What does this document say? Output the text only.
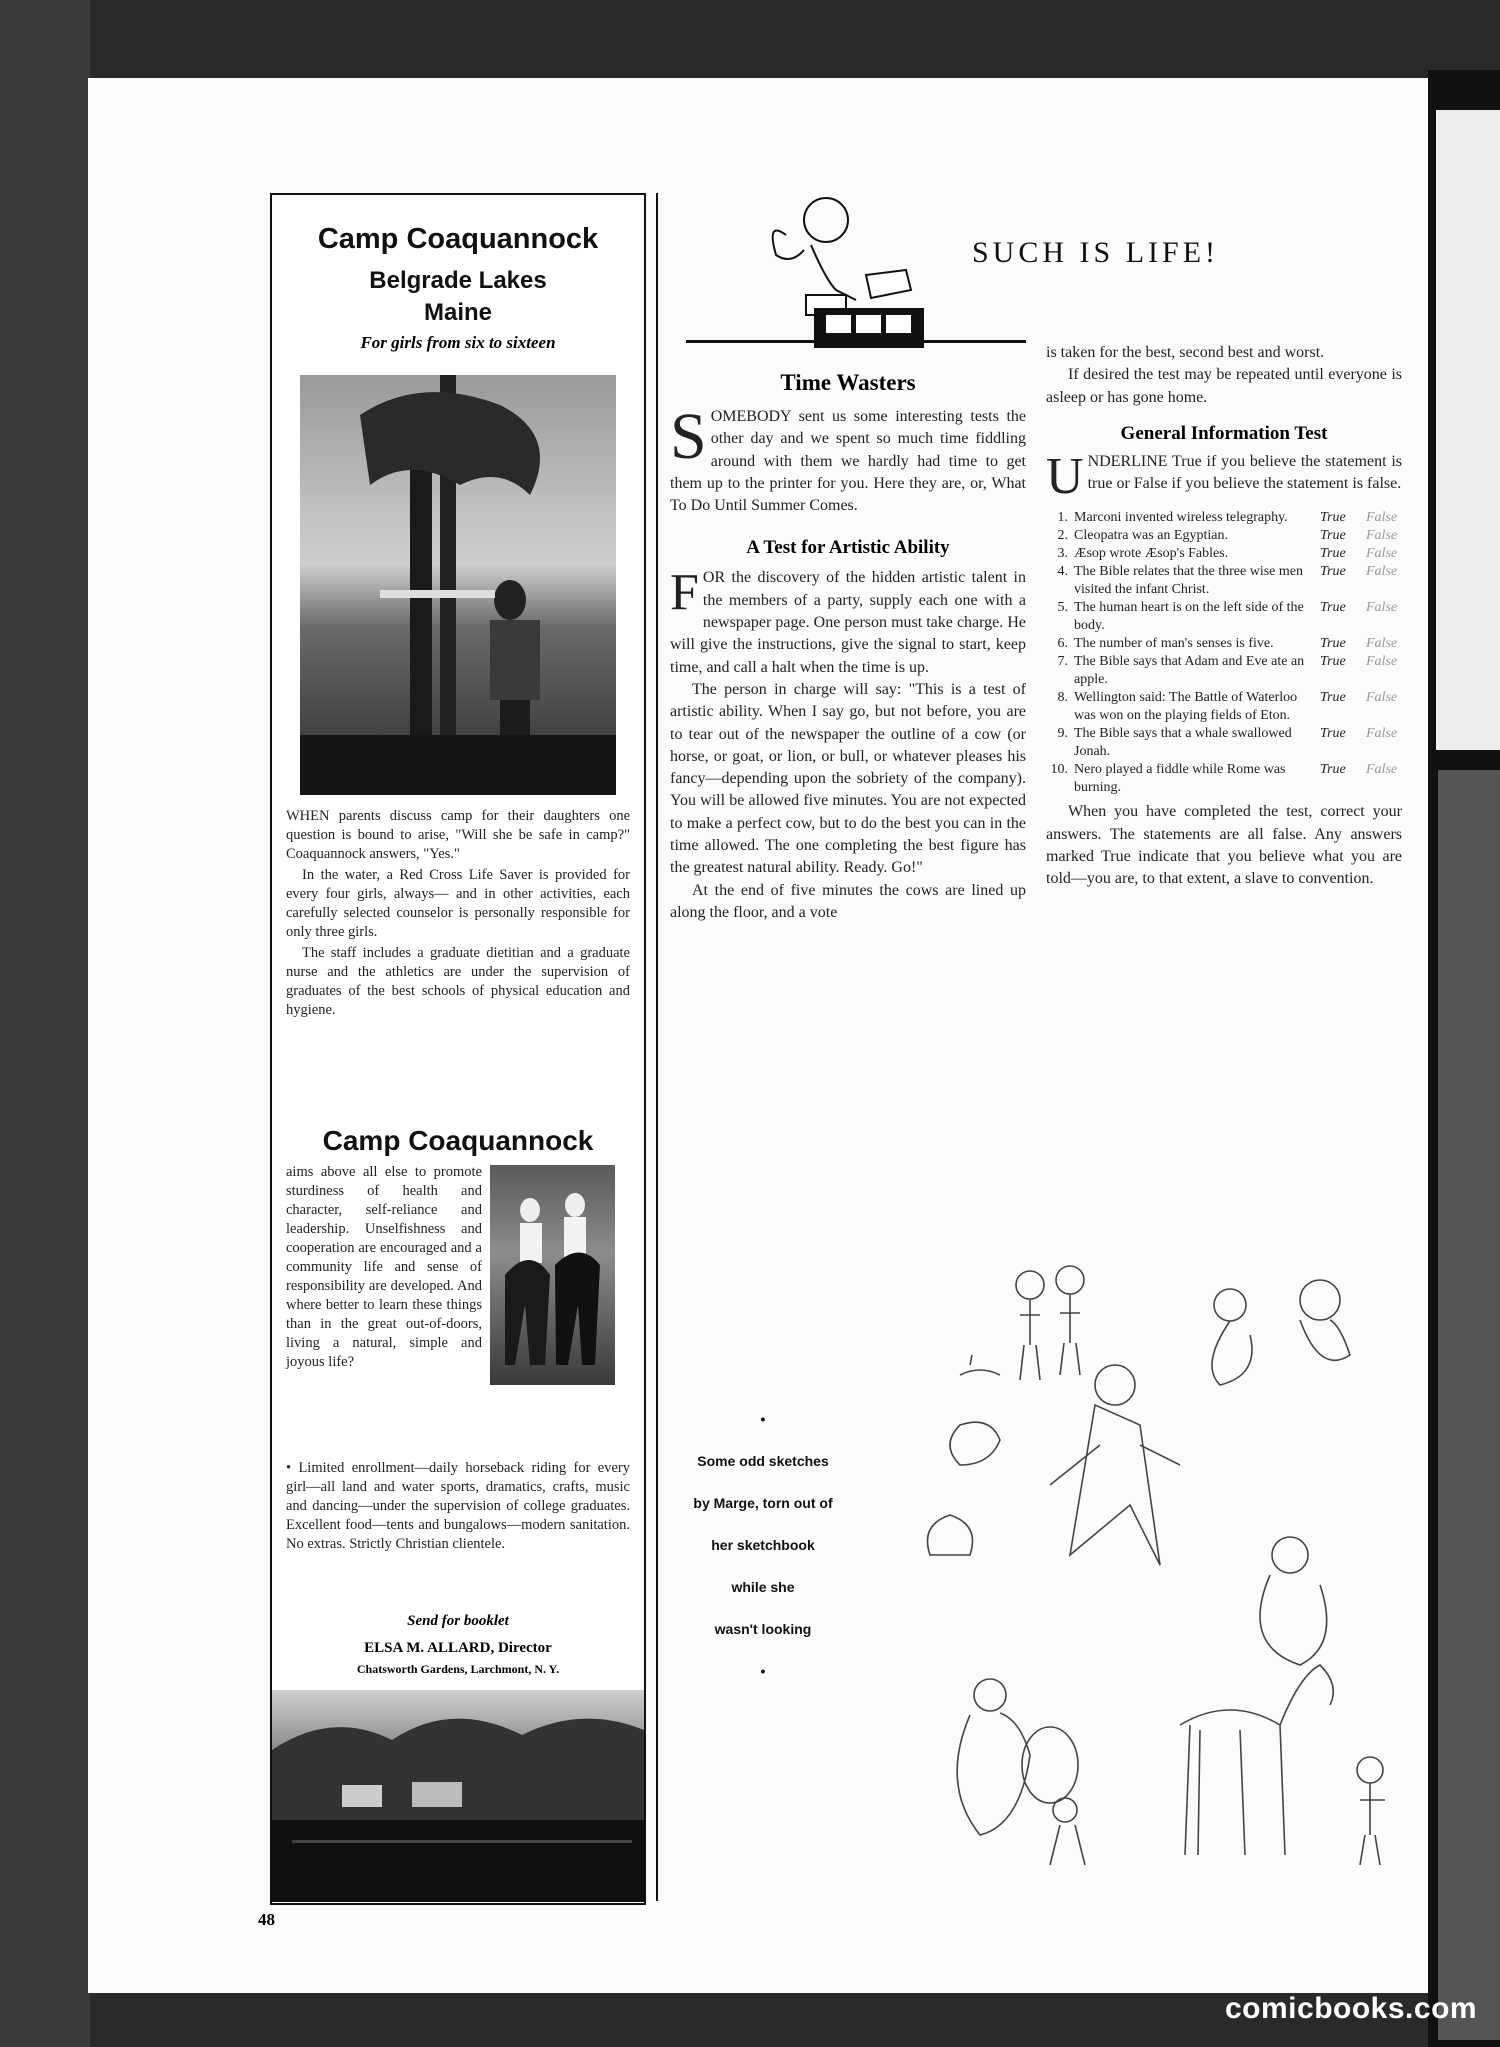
Camp Coaquannock
Belgrade Lakes
Maine
For girls from six to sixteen

WHEN parents discuss camp for their daughters one question is bound to arise, "Will she be safe in camp?" Coaquannock answers, "Yes."

In the water, a Red Cross Life Saver is provided for every four girls, always— and in other activities, each carefully selected counselor is personally responsible for only three girls.

The staff includes a graduate dietitian and a graduate nurse and the athletics are under the supervision of graduates of the best schools of physical education and hygiene.

Camp Coaquannock
aims above all else to promote sturdiness of health and character, self-reliance and leadership. Unselfishness and cooperation are encouraged and a community life and sense of responsibility are developed. And where better to learn these things than in the great out-of-doors, living a natural, simple and joyous life?
• Limited enrollment—daily horseback riding for every girl—all land and water sports, dramatics, crafts, music and dancing—under the supervision of college graduates. Excellent food—tents and bungalows—modern sanitation. No extras. Strictly Christian clientele.
Send for booklet
ELSA M. ALLARD, Director
Chatsworth Gardens, Larchmont, N. Y.
SUCH IS LIFE!
Time Wasters
SOMEBODY sent us some interesting tests the other day and we spent so much time fiddling around with them we hardly had time to get them up to the printer for you. Here they are, or, What To Do Until Summer Comes.
A Test for Artistic Ability
FOR the discovery of the hidden artistic talent in the members of a party, supply each one with a newspaper page. One person must take charge. He will give the instructions, give the signal to start, keep time, and call a halt when the time is up.

The person in charge will say: "This is a test of artistic ability. When I say go, but not before, you are to tear out of the newspaper the outline of a cow (or horse, or goat, or lion, or bull, or whatever pleases his fancy—depending upon the sobriety of the company). You will be allowed five minutes. You are not expected to make a perfect cow, but to do the best you can in the time allowed. The one completing the best figure has the greatest natural ability. Ready. Go!"

At the end of five minutes the cows are lined up along the floor, and a vote

is taken for the best, second best and worst.

If desired the test may be repeated until everyone is asleep or has gone home.

General Information Test
UNDERLINE True if you believe the statement is true or False if you believe the statement is false.
1. Marconi invented wireless telegraphy.	True	False
2. Cleopatra was an Egyptian.	True	False
3. Æsop wrote Æsop's Fables.	True	False
4. The Bible relates that the three wise men visited the infant Christ.
True	False
5. The human heart is on the left side of the body.
True	False
6. The number of man's senses is five.	True	False
7. The Bible says that Adam and Eve ate an apple.
True	False
8. Wellington said: The Battle of Waterloo was won on the playing fields of Eton.
True	False
9. The Bible says that a whale swallowed Jonah.
True	False
10. Nero played a fiddle while Rome was burning.
True	False
When you have completed the test, correct your answers. The statements are all false. Any answers marked True indicate that you believe what you are told—you are, to that extent, a slave to convention.
•
Some odd sketches
by Marge, torn out of
her sketchbook
while she
wasn't looking
•
48
comicbooks.com
